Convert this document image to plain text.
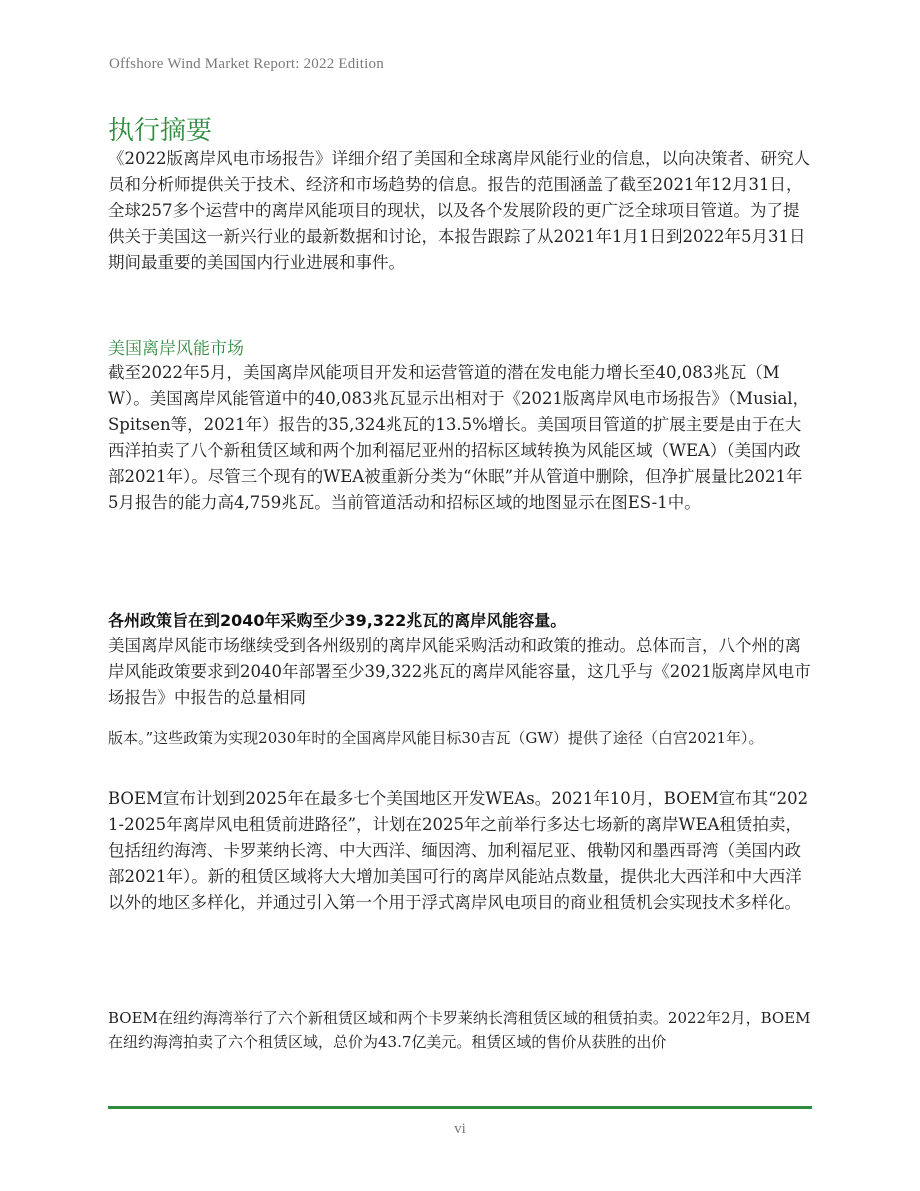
Offshore Wind Market Report: 2022 Edition
执行摘要

《2022版离岸风电市场报告》详细介绍了美国和全球离岸风能行业的信息，以向决策者、研究人员和分析师提供关于技术、经济和市场趋势的信息。报告的范围涵盖了截至2021年12月31日，全球257多个运营中的离岸风能项目的现状，以及各个发展阶段的更广泛全球项目管道。为了提供关于美国这一新兴行业的最新数据和讨论，本报告跟踪了从2021年1月1日到2022年5月31日期间最重要的美国国内行业进展和事件。

美国离岸风能市场

截至2022年5月，美国离岸风能项目开发和运营管道的潜在发电能力增长至40,083兆瓦（MW）。美国离岸风能管道中的40,083兆瓦显示出相对于《2021版离岸风电市场报告》（Musial，Spitsen等，2021年）报告的35,324兆瓦的13.5%增长。美国项目管道的扩展主要是由于在大西洋拍卖了八个新租赁区域和两个加利福尼亚州的招标区域转换为风能区域（WEA）（美国内政部2021年）。尽管三个现有的WEA被重新分类为“休眠”并从管道中删除，但净扩展量比2021年5月报告的能力高4,759兆瓦。当前管道活动和招标区域的地图显示在图ES-1中。

各州政策旨在到2040年采购至少39,322兆瓦的离岸风能容量。

美国离岸风能市场继续受到各州级别的离岸风能采购活动和政策的推动。总体而言，八个州的离岸风能政策要求到2040年部署至少39,322兆瓦的离岸风能容量，这几乎与《2021版离岸风电市场报告》中报告的总量相同

版本。”这些政策为实现2030年时的全国离岸风能目标30吉瓦（GW）提供了途径（白宫2021年）。

BOEM宣布计划到2025年在最多七个美国地区开发WEAs。2021年10月，BOEM宣布其“2021-2025年离岸风电租赁前进路径”，计划在2025年之前举行多达七场新的离岸WEA租赁拍卖，包括纽约海湾、卡罗莱纳长湾、中大西洋、缅因湾、加利福尼亚、俄勒冈和墨西哥湾（美国内政部2021年）。新的租赁区域将大大增加美国可行的离岸风能站点数量，提供北大西洋和中大西洋以外的地区多样化，并通过引入第一个用于浮式离岸风电项目的商业租赁机会实现技术多样化。

BOEM在纽约海湾举行了六个新租赁区域和两个卡罗莱纳长湾租赁区域的租赁拍卖。2022年2月，BOEM在纽约海湾拍卖了六个租赁区域，总价为43.7亿美元。租赁区域的售价从获胜的出价

vi
